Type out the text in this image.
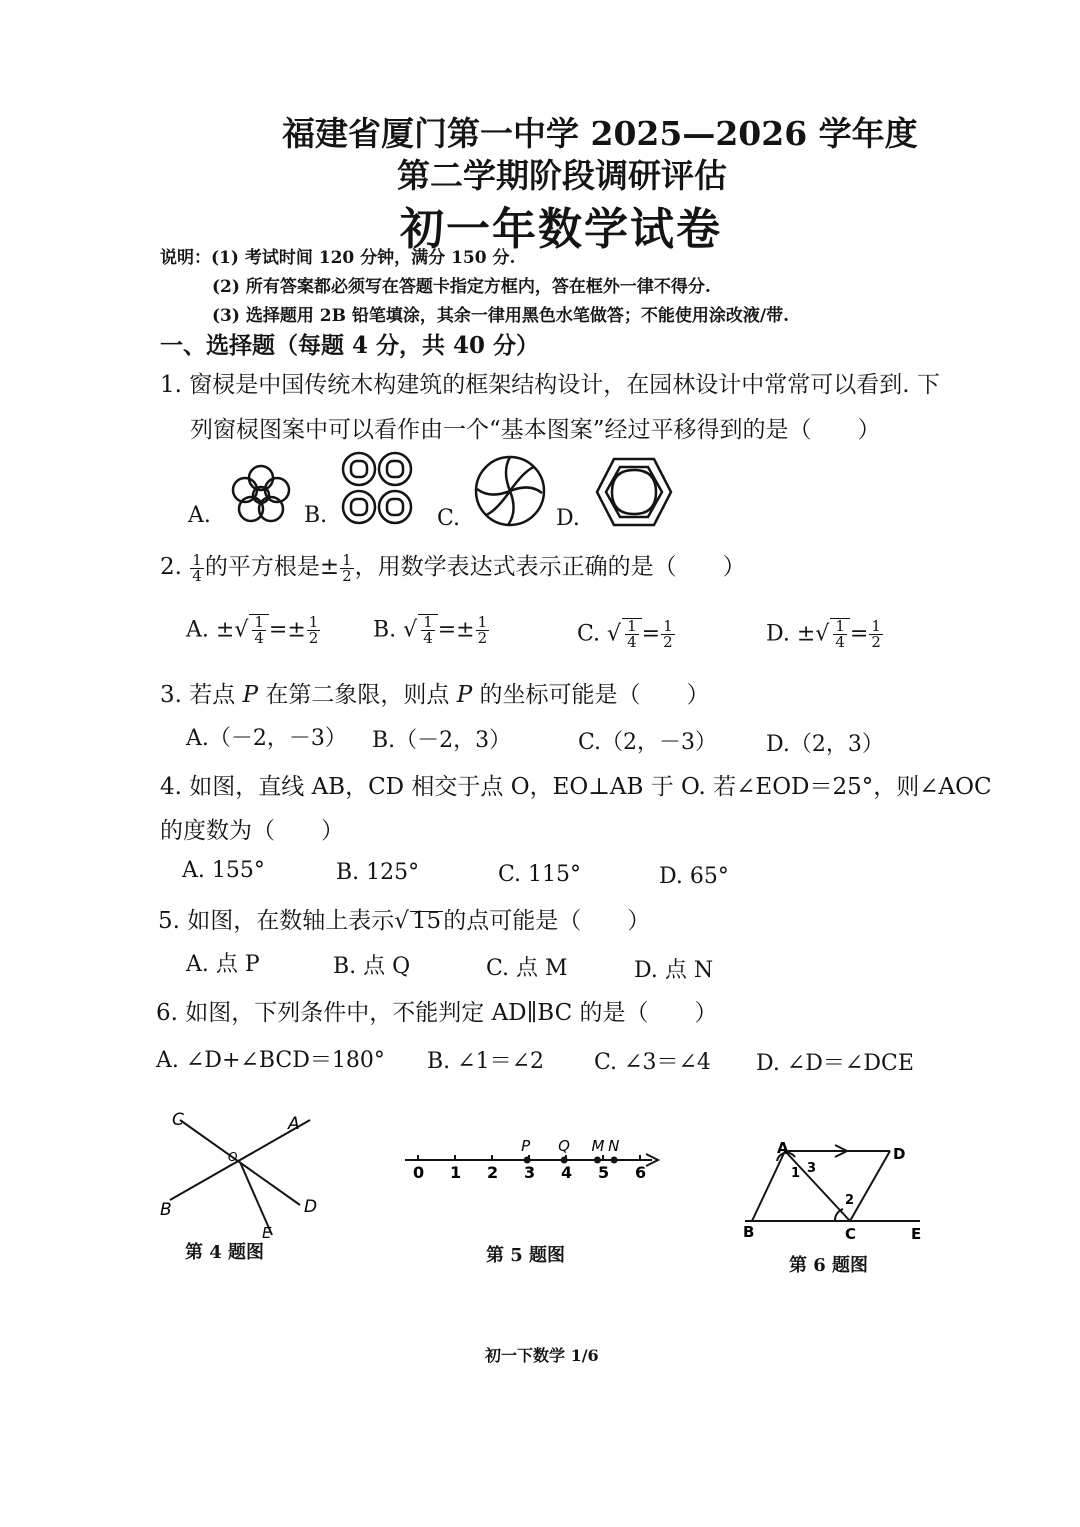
福建省厦门第一中学 2025—2026 学年度
第二学期阶段调研评估
初一年数学试卷
说明：(1) 考试时间 120 分钟，满分 150 分.
(2) 所有答案都必须写在答题卡指定方框内，答在框外一律不得分.
(3) 选择题用 2B 铅笔填涂，其余一律用黑色水笔做答；不能使用涂改液/带.
一、选择题（每题 4 分，共 40 分）
1. 窗棂是中国传统木构建筑的框架结构设计，在园林设计中常常可以看到. 下
列窗棂图案中可以看作由一个“基本图案”经过平移得到的是（　　）
A.	B.	C.	D.
2. $\frac{1}{4}$ 的平方根是± $\frac{1}{2}$ ，用数学表达式表示正确的是（　　）
A. ±√ $\frac{1}{4} =\pm \frac{1}{2} B$. √ $\frac{1}{4} =\pm \frac{1}{2}$	C. √ $\frac{1}{4} = \frac{1}{2}$	D. ±√ $\frac{1}{4} = \frac{1}{2}$
3. 若点 P 在第二象限，则点 P 的坐标可能是（　　）
A.（－2，－3） B.（－2，3）	C.（2，－3） D.（2，3）
4. 如图，直线 AB，CD 相交于点 O，EO⊥AB 于 O. 若∠EOD＝25°，则∠AOC
的度数为（　　）
A. 155°	B. 125°	C. 115°	D. 65°
5. 如图，在数轴上表示√ 15的点可能是（　　）
A. 点 P	B. 点 Q	C. 点 M	D. 点 N
6. 如图，下列条件中，不能判定 AD∥BC 的是（　　）
A. ∠D+∠BCD＝180° B. ∠1＝∠2 C. ∠3＝∠4 D. ∠D＝∠DCE
C	A
B	D
E
O
第 4 题图
0 1 2 3 4 5 6
P Q M N
第 5 题图
A	D
B	C	E
1 3
2
第 6 题图
初一下数学 1/6
